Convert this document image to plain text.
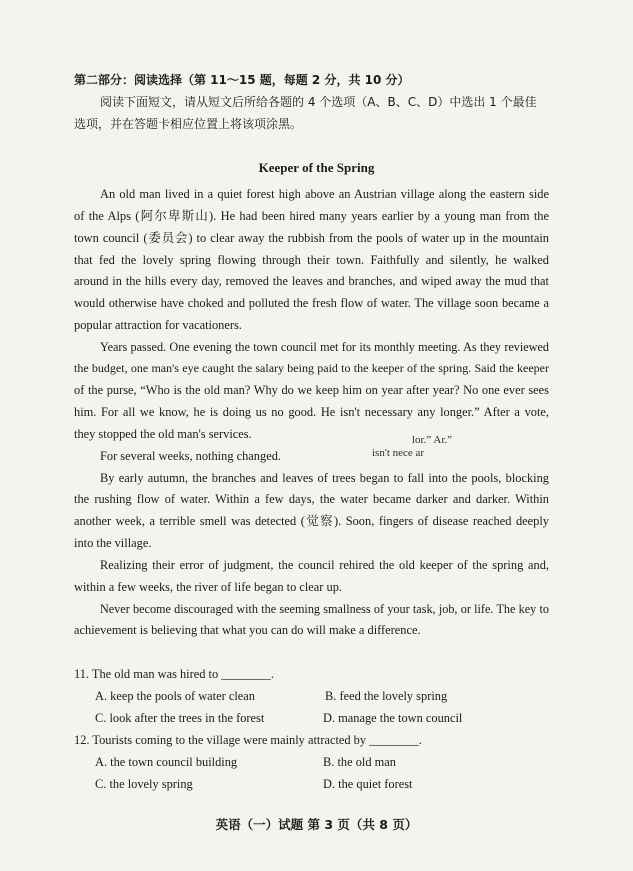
第二部分：阅读选择（第 11～15 题，每题 2 分，共 10 分）
阅读下面短文，请从短文后所给各题的 4 个选项（A、B、C、D）中选出 1 个最佳
选项，并在答题卡相应位置上将该项涂黑。
Keeper of the Spring
An old man lived in a quiet forest high above an Austrian village along the eastern side
of the Alps (阿尔卑斯山). He had been hired many years earlier by a young man from the
town council (委员会) to clear away the rubbish from the pools of water up in the mountain
that fed the lovely spring flowing through their town. Faithfully and silently, he walked
around in the hills every day, removed the leaves and branches, and wiped away the mud that
would otherwise have choked and polluted the fresh flow of water. The village soon became a
popular attraction for vacationers.
Years passed. One evening the town council met for its monthly meeting. As they reviewed
the budget, one man's eye caught the salary being paid to the keeper of the spring. Said the keeper
of the purse, “Who is the old man? Why do we keep him on year after year? No one ever sees
him. For all we know, he is doing us no good. He isn't necessary any longer.” After a vote,
they stopped the old man's services.	lor.” Ar.”
For several weeks, nothing changed.	isn't nece ar
By early autumn, the branches and leaves of trees began to fall into the pools, blocking
the rushing flow of water. Within a few days, the water became darker and darker. Within
another week, a terrible smell was detected (觉察). Soon, fingers of disease reached deeply
into the village.
Realizing their error of judgment, the council rehired the old keeper of the spring and,
within a few weeks, the river of life began to clear up.
Never become discouraged with the seeming smallness of your task, job, or life. The key to
achievement is believing that what you can do will make a difference.
11. The old man was hired to ________.
A. keep the pools of water clean	B. feed the lovely spring
C. look after the trees in the forest	D. manage the town council
12. Tourists coming to the village were mainly attracted by ________.
A. the town council building	B. the old man
C. the lovely spring	D. the quiet forest
英语（一）试题 第 3 页（共 8 页）
